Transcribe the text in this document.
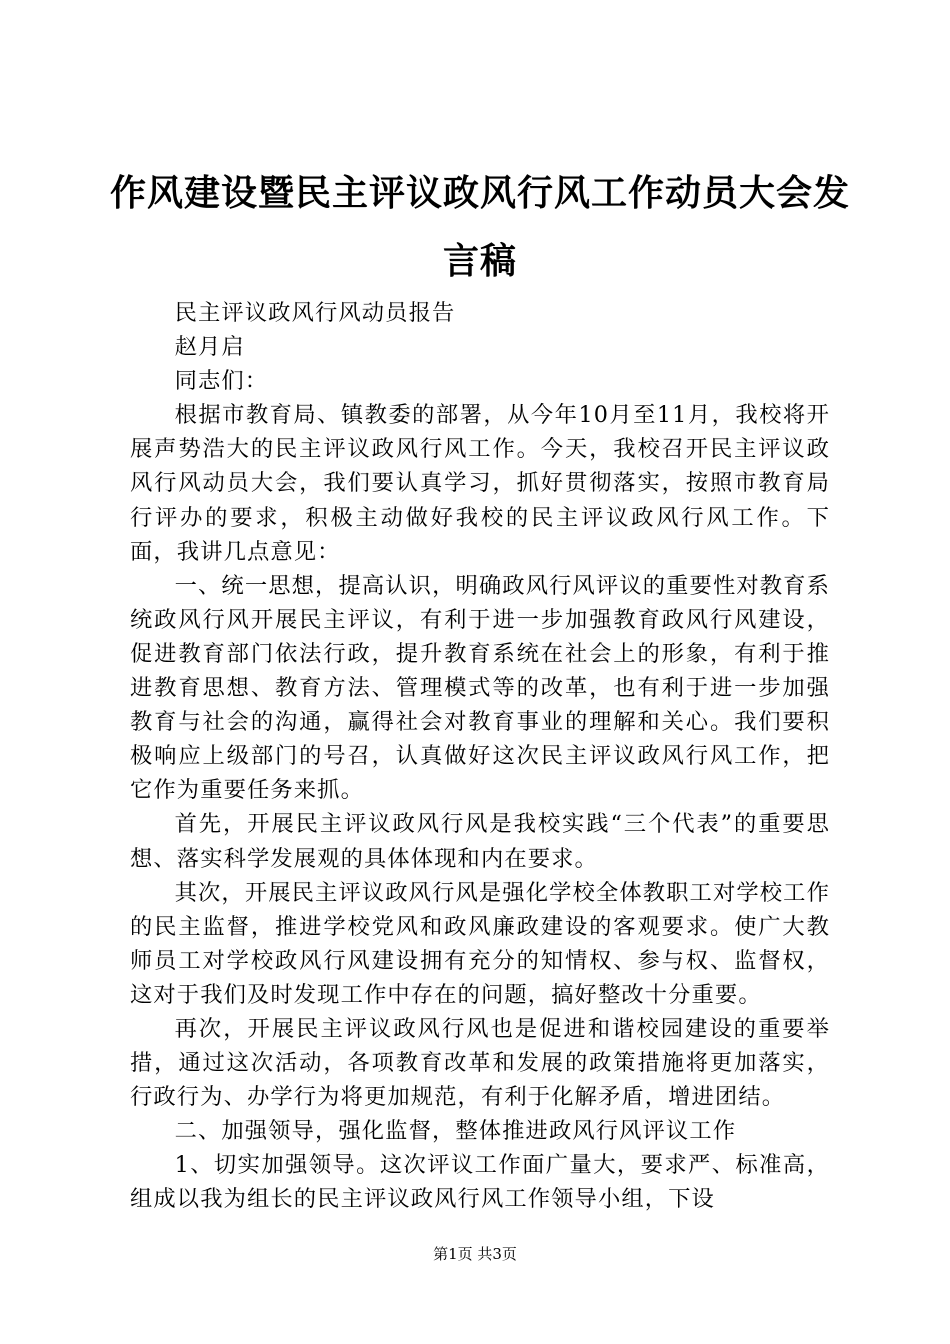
作风建设暨民主评议政风行风工作动员大会发言稿

民主评议政风行风动员报告

赵月启

同志们：

根据市教育局、镇教委的部署，从今年10月至11月，我校将开展声势浩大的民主评议政风行风工作。今天，我校召开民主评议政风行风动员大会，我们要认真学习，抓好贯彻落实，按照市教育局行评办的要求，积极主动做好我校的民主评议政风行风工作。下面，我讲几点意见：

一、统一思想，提高认识，明确政风行风评议的重要性对教育系统政风行风开展民主评议，有利于进一步加强教育政风行风建设，促进教育部门依法行政，提升教育系统在社会上的形象，有利于推进教育思想、教育方法、管理模式等的改革，也有利于进一步加强教育与社会的沟通，赢得社会对教育事业的理解和关心。我们要积极响应上级部门的号召，认真做好这次民主评议政风行风工作，把它作为重要任务来抓。

首先，开展民主评议政风行风是我校实践“三个代表”的重要思想、落实科学发展观的具体体现和内在要求。

其次，开展民主评议政风行风是强化学校全体教职工对学校工作的民主监督，推进学校党风和政风廉政建设的客观要求。使广大教师员工对学校政风行风建设拥有充分的知情权、参与权、监督权，这对于我们及时发现工作中存在的问题，搞好整改十分重要。

再次，开展民主评议政风行风也是促进和谐校园建设的重要举措，通过这次活动，各项教育改革和发展的政策措施将更加落实，行政行为、办学行为将更加规范，有利于化解矛盾，增进团结。

二、加强领导，强化监督，整体推进政风行风评议工作

1、切实加强领导。这次评议工作面广量大，要求严、标准高，组成以我为组长的民主评议政风行风工作领导小组，下设

第1页 共3页
